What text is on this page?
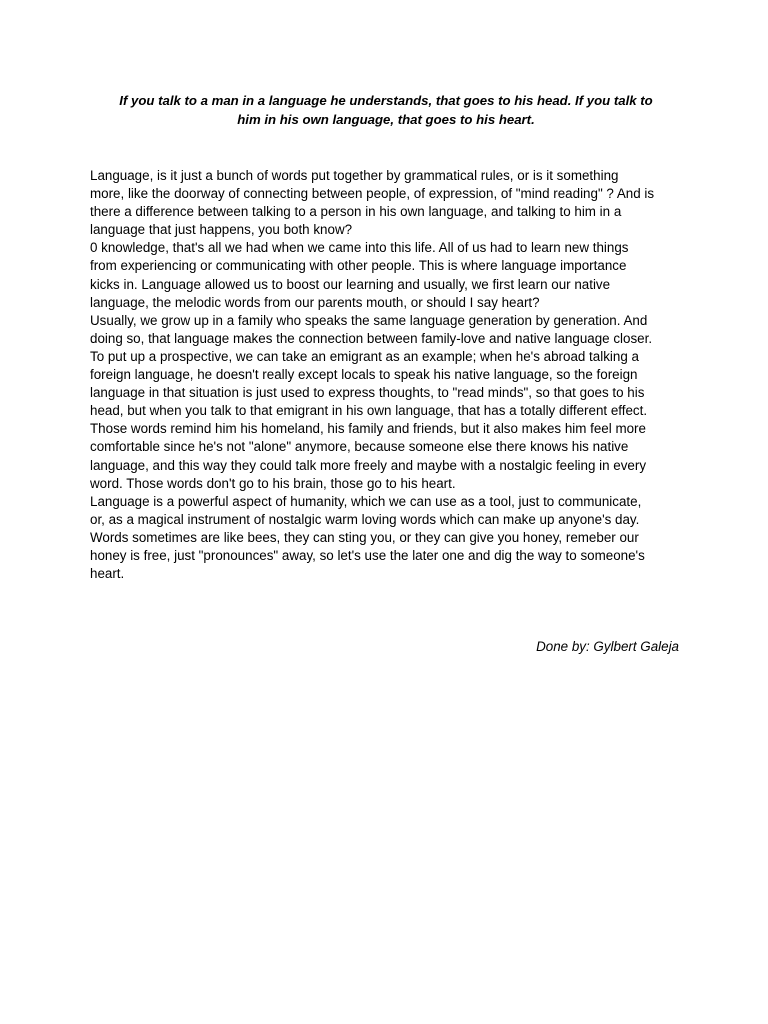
If you talk to a man in a language he understands, that goes to his head. If you talk to
him in his own language, that goes to his heart.

Language, is it just a bunch of words put together by grammatical rules, or is it something
more, like the doorway of connecting between people, of expression, of "mind reading" ? And is
there a difference between talking to a person in his own language, and talking to him in a
language that just happens, you both know?

0 knowledge, that's all we had when we came into this life. All of us had to learn new things
from experiencing or communicating with other people. This is where language importance
kicks in. Language allowed us to boost our learning and usually, we first learn our native
language, the melodic words from our parents mouth, or should I say heart?

Usually, we grow up in a family who speaks the same language generation by generation. And
doing so, that language makes the connection between family-love and native language closer.
To put up a prospective, we can take an emigrant as an example; when he's abroad talking a
foreign language, he doesn't really except locals to speak his native language, so the foreign
language in that situation is just used to express thoughts, to "read minds", so that goes to his
head, but when you talk to that emigrant in his own language, that has a totally different effect.
Those words remind him his homeland, his family and friends, but it also makes him feel more
comfortable since he's not "alone" anymore, because someone else there knows his native
language, and this way they could talk more freely and maybe with a nostalgic feeling in every
word. Those words don't go to his brain, those go to his heart.

Language is a powerful aspect of humanity, which we can use as a tool, just to communicate,
or, as a magical instrument of nostalgic warm loving words which can make up anyone's day.
Words sometimes are like bees, they can sting you, or they can give you honey, remeber our
honey is free, just "pronounces" away, so let's use the later one and dig the way to someone's
heart.

Done by: Gylbert Galeja
